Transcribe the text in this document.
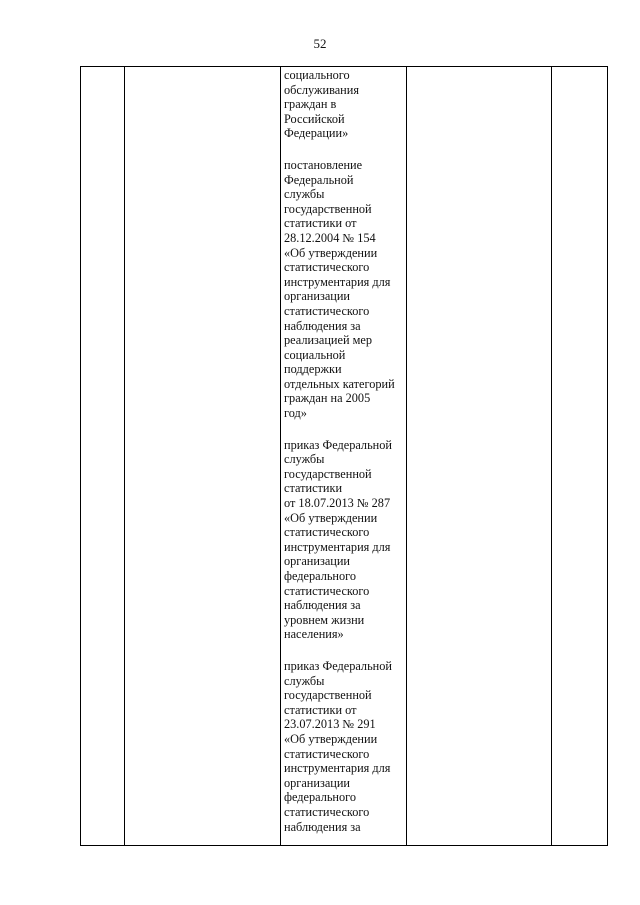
52
социального
обслуживания
граждан в
Российской
Федерации»
постановление
Федеральной
службы
государственной
статистики от
28.12.2004 № 154
«Об утверждении
статистического
инструментария для
организации
статистического
наблюдения за
реализацией мер
социальной
поддержки
отдельных категорий
граждан на 2005
год»
приказ Федеральной
службы
государственной
статистики
от 18.07.2013 № 287
«Об утверждении
статистического
инструментария для
организации
федерального
статистического
наблюдения за
уровнем жизни
населения»
приказ Федеральной
службы
государственной
статистики от
23.07.2013 № 291
«Об утверждении
статистического
инструментария для
организации
федерального
статистического
наблюдения за
